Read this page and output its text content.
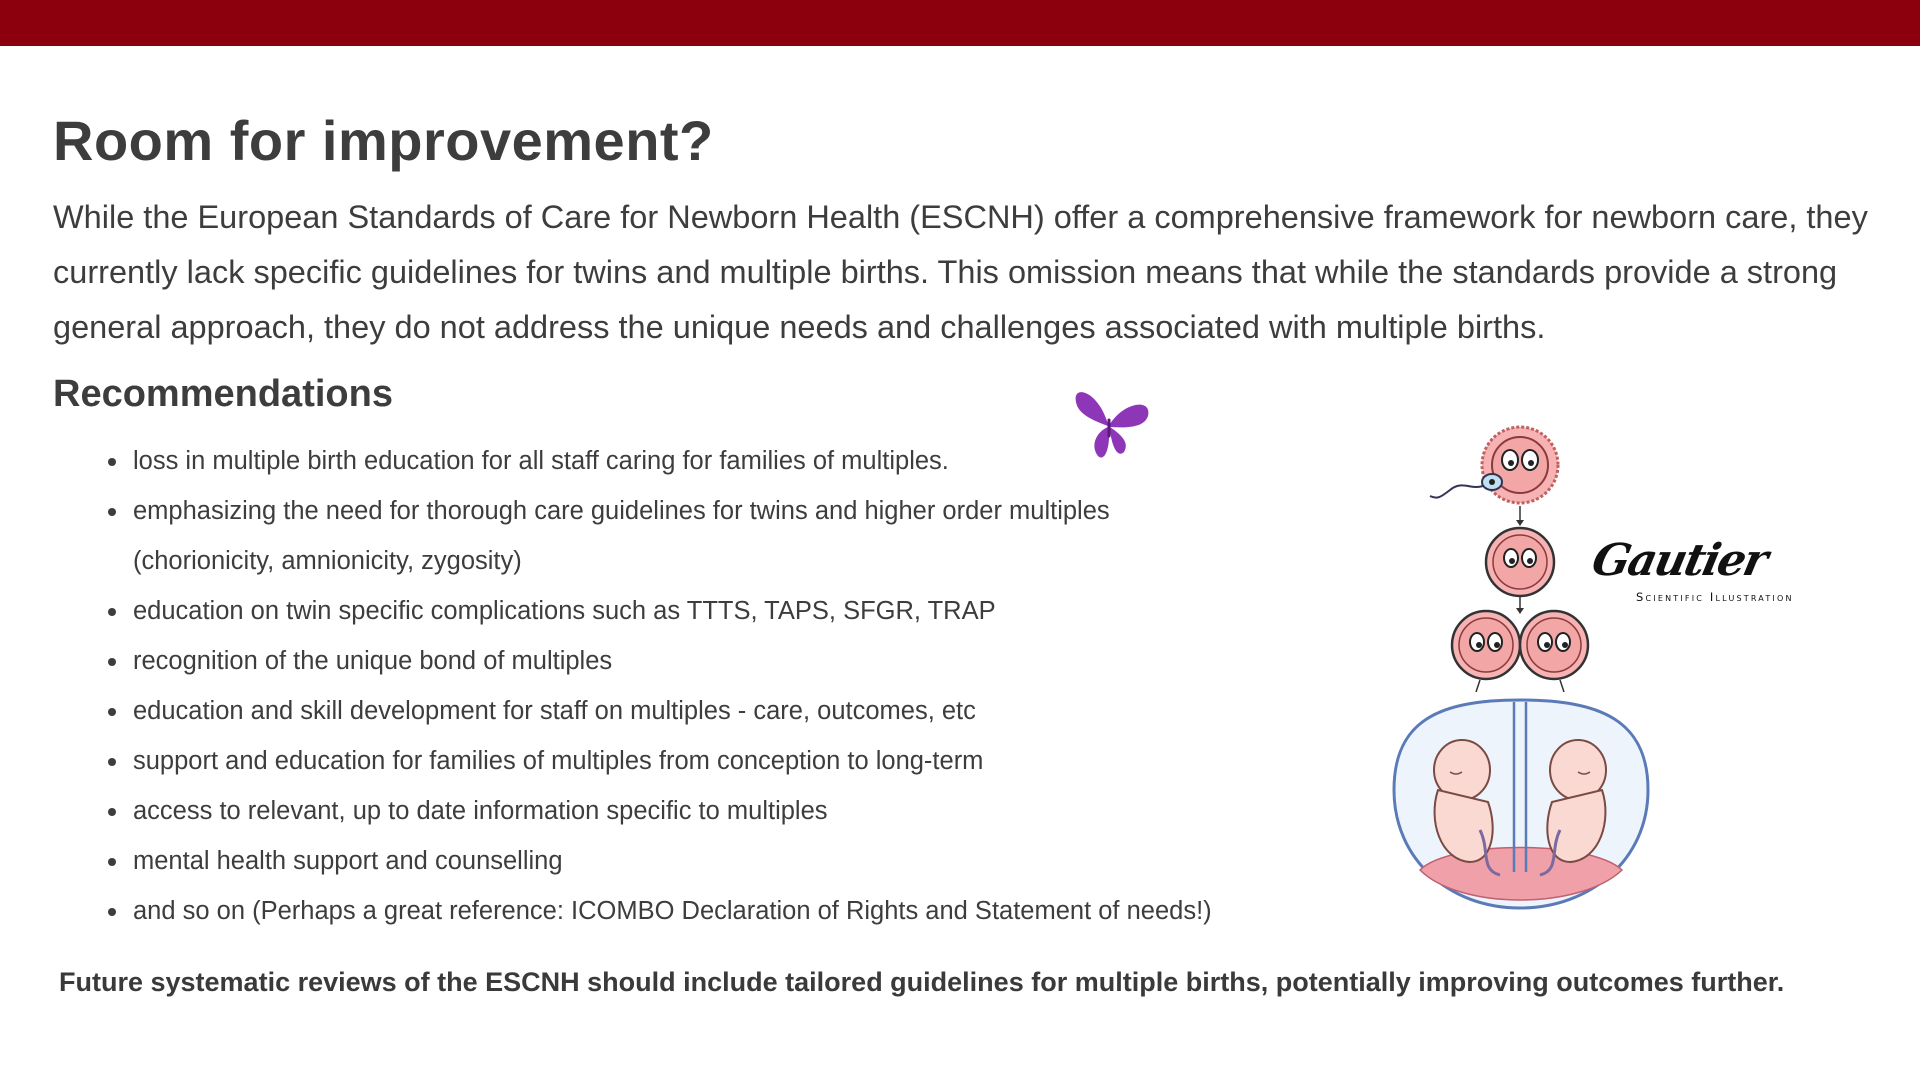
Room for improvement?

While the European Standards of Care for Newborn Health (ESCNH) offer a comprehensive framework for newborn care, they currently lack specific guidelines for twins and multiple births. This omission means that while the standards provide a strong general approach, they do not address the unique needs and challenges associated with multiple births.

Recommendations
loss in multiple birth education for all staff caring for families of multiples.
emphasizing the need for thorough care guidelines for twins and higher order multiples
(chorionicity, amnionicity, zygosity)
education on twin specific complications such as TTTS, TAPS, SFGR, TRAP
recognition of the unique bond of multiples
education and skill development for staff on multiples - care, outcomes, etc
support and education for families of multiples from conception to long-term
access to relevant, up to date information specific to multiples
mental health support and counselling
and so on (Perhaps a great reference: ICOMBO Declaration of Rights and Statement of needs!)

Future systematic reviews of the ESCNH should include tailored guidelines for multiple births, potentially improving outcomes further.

Gautier
Scientific Illustration
